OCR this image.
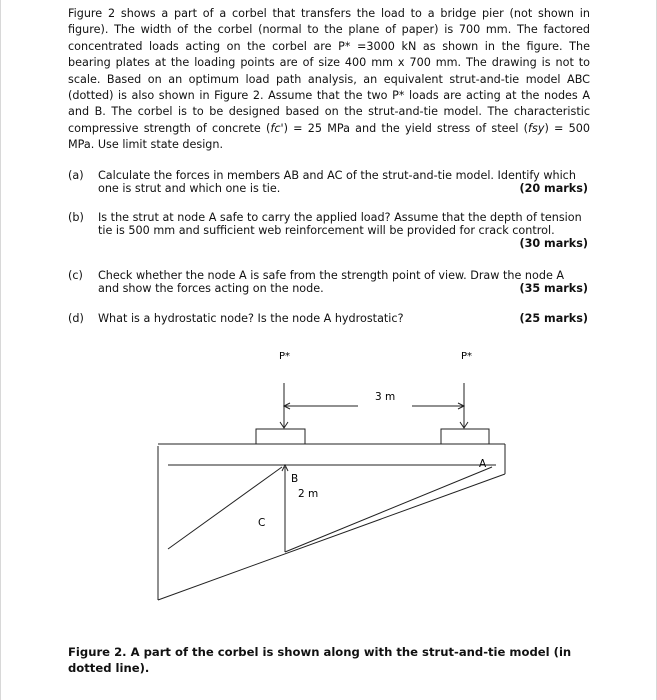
Figure 2 shows a part of a corbel that transfers the load to a bridge pier (not shown in figure). The width of the corbel (normal to the plane of paper) is 700 mm. The factored concentrated loads acting on the corbel are P* =3000 kN as shown in the figure. The bearing plates at the loading points are of size 400 mm x 700 mm. The drawing is not to scale. Based on an optimum load path analysis, an equivalent strut-and-tie model ABC (dotted) is also shown in Figure 2. Assume that the two P* loads are acting at the nodes A and B. The corbel is to be designed based on the strut-and-tie model. The characteristic compressive strength of concrete (fc') = 25 MPa and the yield stress of steel (fsy) = 500 MPa. Use limit state design.

(a) Calculate the forces in members AB and AC of the strut-and-tie model. Identify which one is strut and which one is tie.	(20 marks)
(b) Is the strut at node A safe to carry the applied load? Assume that the depth of tension tie is 500 mm and sufficient web reinforcement will be provided for crack control.
(30 marks)
(c) Check whether the node A is safe from the strength point of view. Draw the node A and show the forces acting on the node.	(35 marks)
(d) What is a hydrostatic node? Is the node A hydrostatic?	(25 marks)
P*	P*
3 m
B
2 m
A
C

Figure 2. A part of the corbel is shown along with the strut-and-tie model (in dotted line).
